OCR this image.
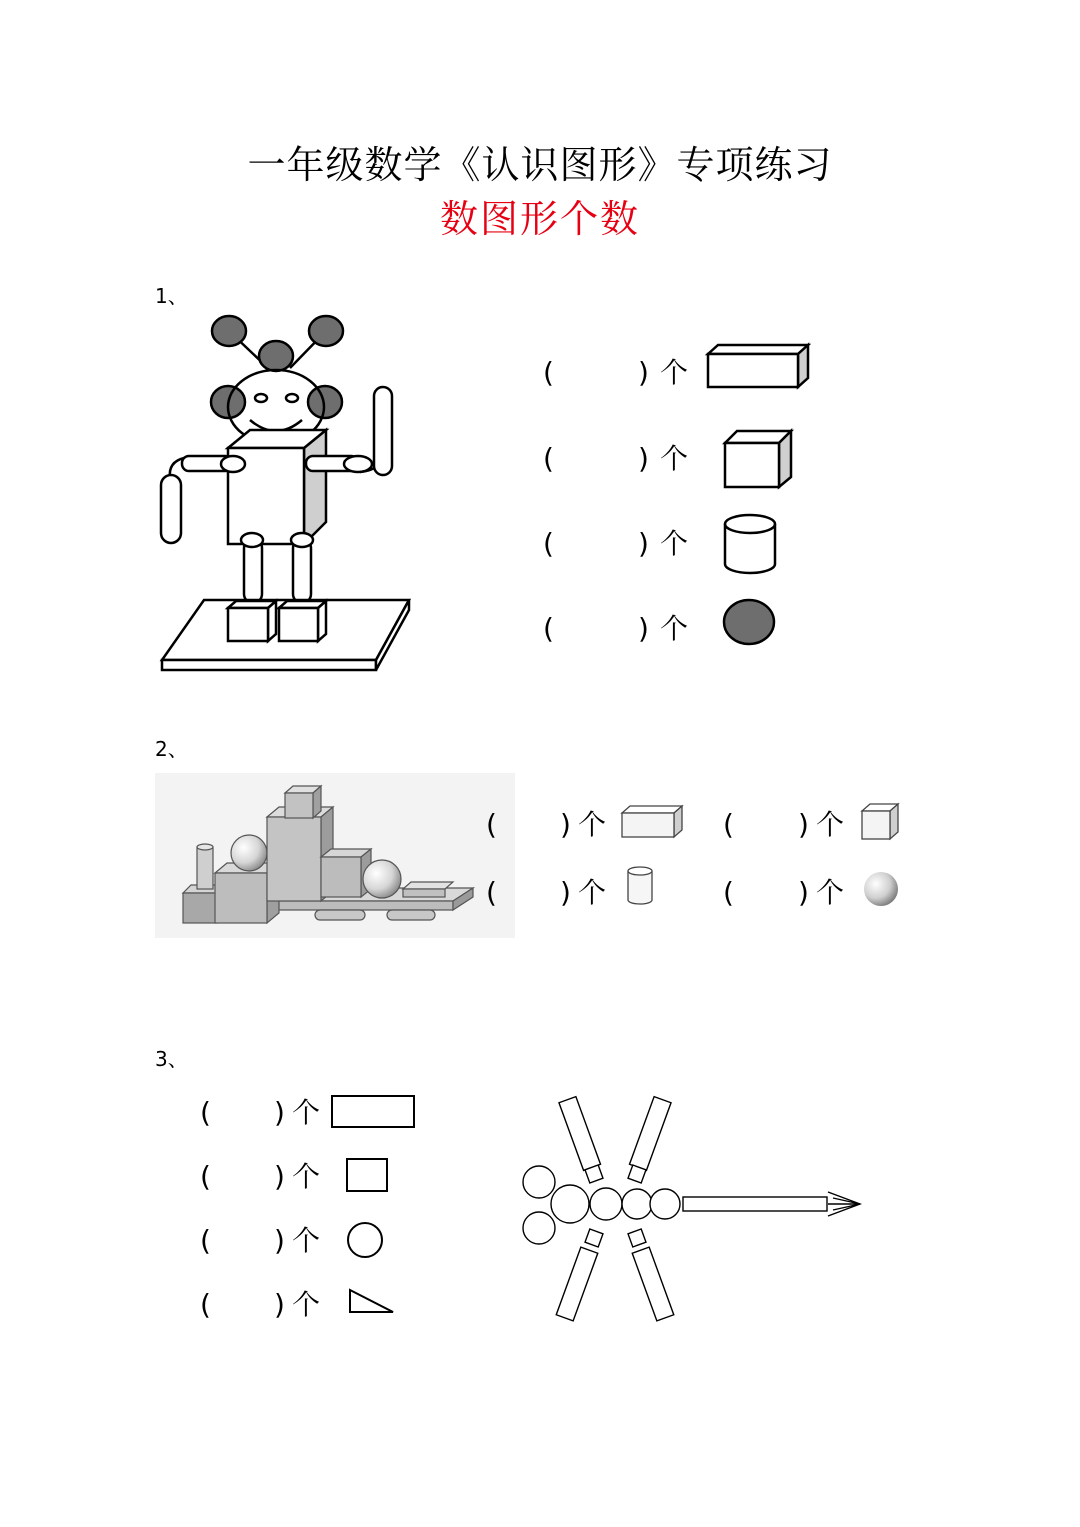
一年级数学《认识图形》专项练习
数图形个数
1、
(	) 个
(	) 个
(	) 个
(	) 个
2、
( ) 个	( ) 个
( ) 个	( ) 个
3、
( ) 个
( ) 个
( ) 个
( ) 个
